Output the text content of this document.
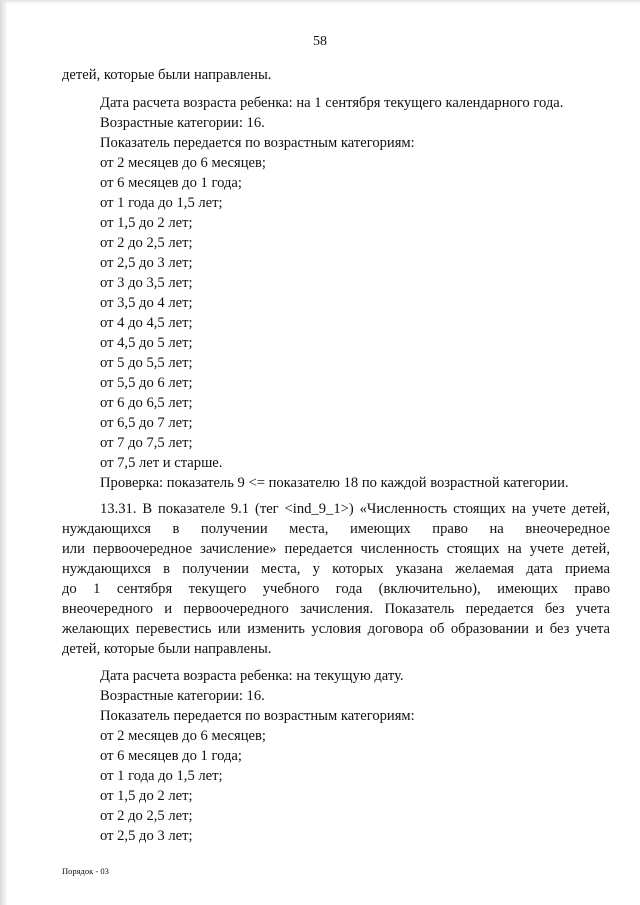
58
детей, которые были направлены.
Дата расчета возраста ребенка: на 1 сентября текущего календарного года.
Возрастные категории: 16.
Показатель передается по возрастным категориям:
от 2 месяцев до 6 месяцев;
от 6 месяцев до 1 года;
от 1 года до 1,5 лет;
от 1,5 до 2 лет;
от 2 до 2,5 лет;
от 2,5 до 3 лет;
от 3 до 3,5 лет;
от 3,5 до 4 лет;
от 4 до 4,5 лет;
от 4,5 до 5 лет;
от 5 до 5,5 лет;
от 5,5 до 6 лет;
от 6 до 6,5 лет;
от 6,5 до 7 лет;
от 7 до 7,5 лет;
от 7,5 лет и старше.
Проверка: показатель 9 <= показателю 18 по каждой возрастной категории.
13.31. В показателе 9.1 (тег <ind_9_1>) «Численность стоящих на учете детей,
нуждающихся в получении места, имеющих право на внеочередное
или первоочередное зачисление» передается численность стоящих на учете детей,
нуждающихся в получении места, у которых указана желаемая дата приема
до 1 сентября текущего учебного года (включительно), имеющих право
внеочередного и первоочередного зачисления. Показатель передается без учета
желающих перевестись или изменить условия договора об образовании и без учета
детей, которые были направлены.
Дата расчета возраста ребенка: на текущую дату.
Возрастные категории: 16.
Показатель передается по возрастным категориям:
от 2 месяцев до 6 месяцев;
от 6 месяцев до 1 года;
от 1 года до 1,5 лет;
от 1,5 до 2 лет;
от 2 до 2,5 лет;
от 2,5 до 3 лет;
Порядок - 03
